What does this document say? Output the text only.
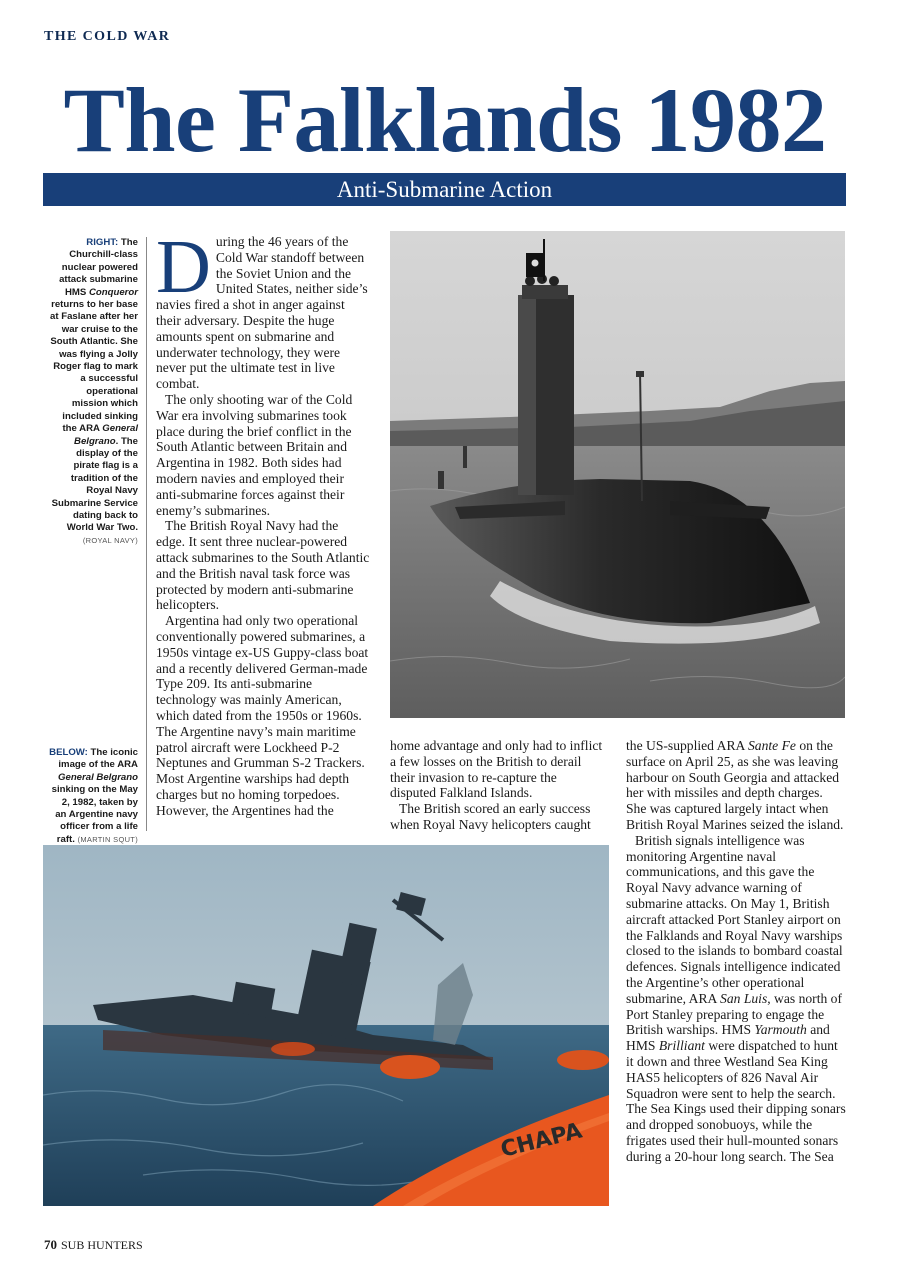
THE COLD WAR
The Falklands 1982
Anti-Submarine Action
RIGHT: The Churchill-class nuclear powered attack submarine HMS Conqueror returns to her base at Faslane after her war cruise to the South Atlantic. She was flying a Jolly Roger flag to mark a successful operational mission which included sinking the ARA General Belgrano. The display of the pirate flag is a tradition of the Royal Navy Submarine Service dating back to World War Two. (ROYAL NAVY)
BELOW: The iconic image of the ARA General Belgrano sinking on the May 2, 1982, taken by an Argentine navy officer from a life raft. (MARTIN SQUT)

During the 46 years of the Cold War standoff between the Soviet Union and the United States, neither side’s navies fired a shot in anger against their adversary. Despite the huge amounts spent on submarine and underwater technology, they were never put the ultimate test in live combat.

The only shooting war of the Cold War era involving submarines took place during the brief conflict in the South Atlantic between Britain and Argentina in 1982. Both sides had modern navies and employed their anti-submarine forces against their enemy’s submarines.

The British Royal Navy had the edge. It sent three nuclear-powered attack submarines to the South Atlantic and the British naval task force was protected by modern anti-submarine helicopters.

Argentina had only two operational conventionally powered submarines, a 1950s vintage ex-US Guppy-class boat and a recently delivered German-made Type 209. Its anti-submarine technology was mainly American, which dated from the 1950s or 1960s. The Argentine navy’s main maritime patrol aircraft were Lockheed P-2 Neptunes and Grumman S-2 Trackers. Most Argentine warships had depth charges but no homing torpedoes. However, the Argentines had the

home advantage and only had to inflict a few losses on the British to derail their invasion to re-capture the disputed Falkland Islands.

The British scored an early success when Royal Navy helicopters caught

the US-supplied ARA Sante Fe on the surface on April 25, as she was leaving harbour on South Georgia and attacked her with missiles and depth charges. She was captured largely intact when British Royal Marines seized the island.

British signals intelligence was monitoring Argentine naval communications, and this gave the Royal Navy advance warning of submarine attacks. On May 1, British aircraft attacked Port Stanley airport on the Falklands and Royal Navy warships closed to the islands to bombard coastal defences. Signals intelligence indicated the Argentine’s other operational submarine, ARA San Luis, was north of Port Stanley preparing to engage the British warships. HMS Yarmouth and HMS Brilliant were dispatched to hunt it down and three Westland Sea King HAS5 helicopters of 826 Naval Air Squadron were sent to help the search. The Sea Kings used their dipping sonars and dropped sonobuoys, while the frigates used their hull-mounted sonars during a 20-hour long search. The Sea

CHAPA
70 SUB HUNTERS
